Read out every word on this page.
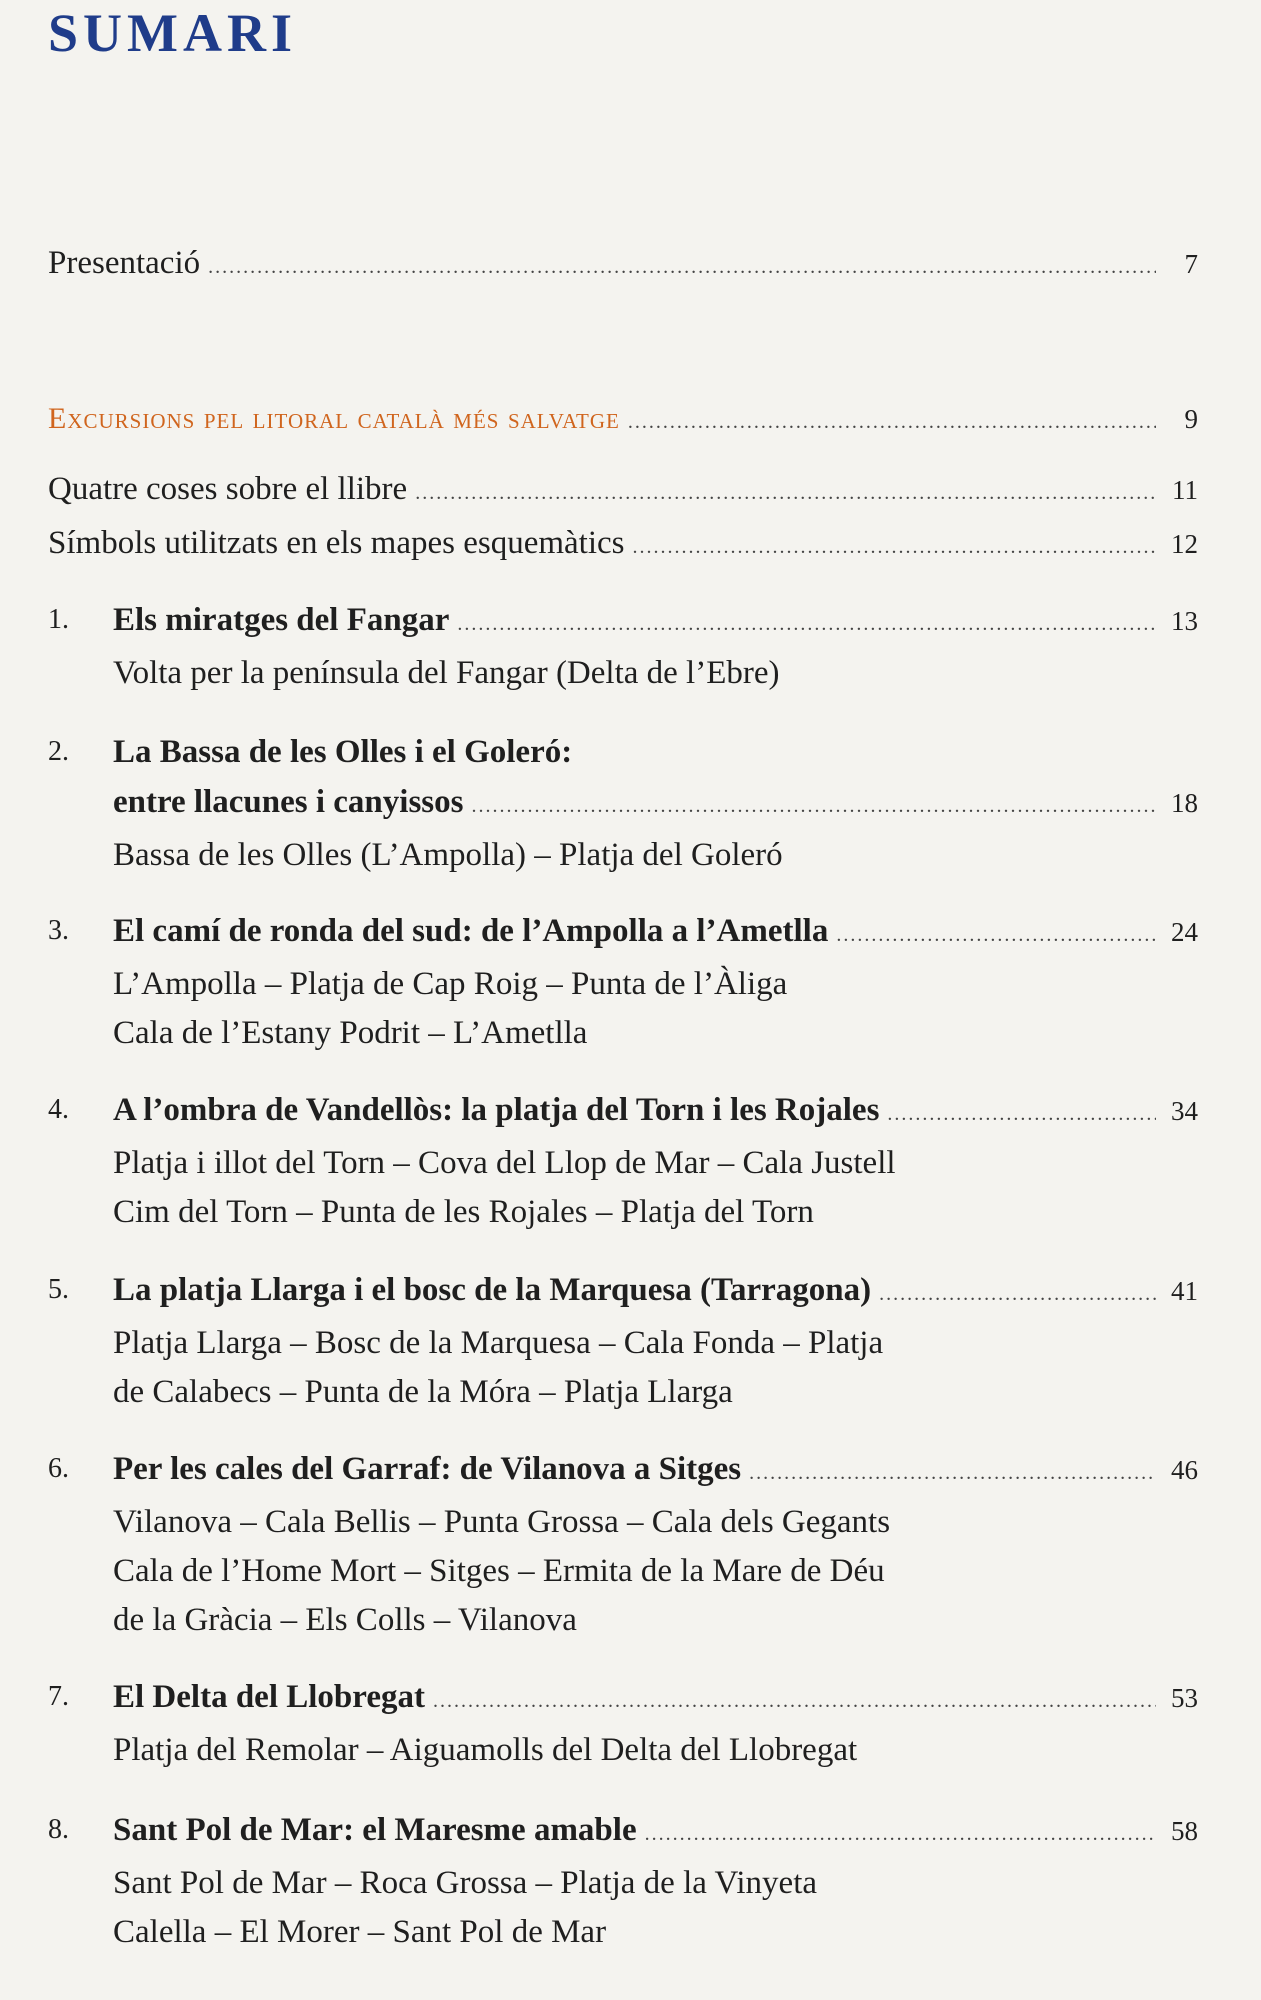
SUMARI
Presentació .....	7
Excursions pel litoral català més salvatge .....	9
Quatre coses sobre el llibre .....	11
Símbols utilitzats en els mapes esquemàtics .....	12
1.	Els miratges del Fangar .....	13
Volta per la península del Fangar (Delta de l’Ebre)
2.	La Bassa de les Olles i el Goleró:
entre llacunes i canyissos .....	18
Bassa de les Olles (L’Ampolla) – Platja del Goleró
3.	El camí de ronda del sud: de l’Ampolla a l’Ametlla .....	24
L’Ampolla – Platja de Cap Roig – Punta de l’Àliga
Cala de l’Estany Podrit – L’Ametlla
4.	A l’ombra de Vandellòs: la platja del Torn i les Rojales .....	34
Platja i illot del Torn – Cova del Llop de Mar – Cala Justell
Cim del Torn – Punta de les Rojales – Platja del Torn
5.	La platja Llarga i el bosc de la Marquesa (Tarragona) .....	41
Platja Llarga – Bosc de la Marquesa – Cala Fonda – Platja
de Calabecs – Punta de la Móra – Platja Llarga
6.	Per les cales del Garraf: de Vilanova a Sitges .....	46
Vilanova – Cala Bellis – Punta Grossa – Cala dels Gegants
Cala de l’Home Mort – Sitges – Ermita de la Mare de Déu
de la Gràcia – Els Colls – Vilanova
7.	El Delta del Llobregat .....	53
Platja del Remolar – Aiguamolls del Delta del Llobregat
8.	Sant Pol de Mar: el Maresme amable .....	58
Sant Pol de Mar – Roca Grossa – Platja de la Vinyeta
Calella – El Morer – Sant Pol de Mar
